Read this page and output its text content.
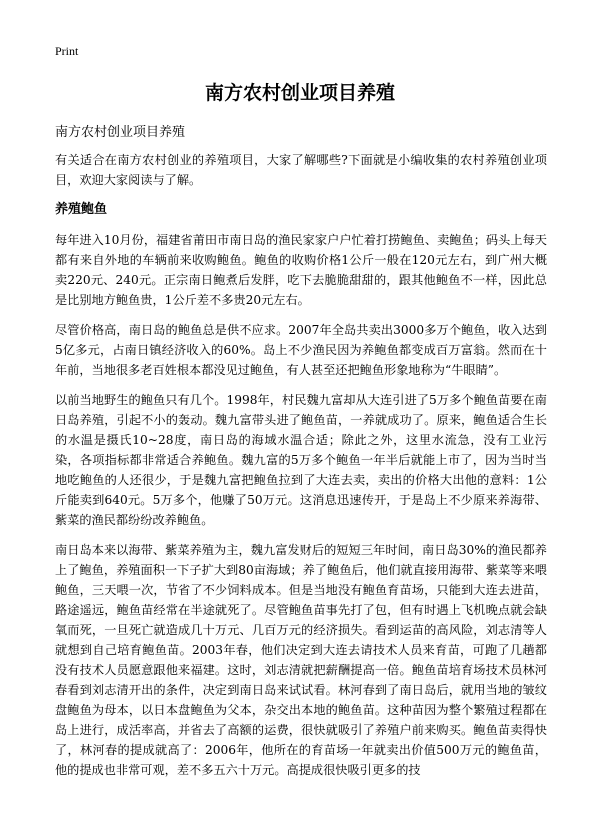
Print
南方农村创业项目养殖
南方农村创业项目养殖

有关适合在南方农村创业的养殖项目，大家了解哪些?下面就是小编收集的农村养殖创业项目，欢迎大家阅读与了解。

养殖鲍鱼

每年进入10月份，福建省莆田市南日岛的渔民家家户户忙着打捞鲍鱼、卖鲍鱼；码头上每天都有来自外地的车辆前来收购鲍鱼。鲍鱼的收购价格1公斤一般在120元左右，到广州大概卖220元、240元。正宗南日鲍煮后发胖，吃下去脆脆甜甜的，跟其他鲍鱼不一样，因此总是比别地方鲍鱼贵，1公斤差不多贵20元左右。

尽管价格高，南日岛的鲍鱼总是供不应求。2007年全岛共卖出3000多万个鲍鱼，收入达到5亿多元，占南日镇经济收入的60%。岛上不少渔民因为养鲍鱼都变成百万富翁。然而在十年前，当地很多老百姓根本都没见过鲍鱼，有人甚至还把鲍鱼形象地称为“牛眼睛”。

以前当地野生的鲍鱼只有几个。1998年，村民魏九富却从大连引进了5万多个鲍鱼苗要在南日岛养殖，引起不小的轰动。魏九富带头进了鲍鱼苗，一养就成功了。原来，鲍鱼适合生长的水温是摄氏10~28度，南日岛的海域水温合适；除此之外，这里水流急，没有工业污染，各项指标都非常适合养鲍鱼。魏九富的5万多个鲍鱼一年半后就能上市了，因为当时当地吃鲍鱼的人还很少，于是魏九富把鲍鱼拉到了大连去卖，卖出的价格大出他的意料：1公斤能卖到640元。5万多个，他赚了50万元。这消息迅速传开，于是岛上不少原来养海带、紫菜的渔民都纷纷改养鲍鱼。

南日岛本来以海带、紫菜养殖为主，魏九富发财后的短短三年时间，南日岛30%的渔民都养上了鲍鱼，养殖面积一下子扩大到80亩海域；养了鲍鱼后，他们就直接用海带、紫菜等来喂鲍鱼，三天喂一次，节省了不少饲料成本。但是当地没有鲍鱼育苗场，只能到大连去进苗，路途遥远，鲍鱼苗经常在半途就死了。尽管鲍鱼苗事先打了包，但有时遇上飞机晚点就会缺氧而死，一旦死亡就造成几十万元、几百万元的经济损失。看到运苗的高风险，刘志清等人就想到自己培育鲍鱼苗。2003年春，他们决定到大连去请技术人员来育苗，可跑了几趟都没有技术人员愿意跟他来福建。这时，刘志清就把薪酬提高一倍。鲍鱼苗培育场技术员林河春看到刘志清开出的条件，决定到南日岛来试试看。林河春到了南日岛后，就用当地的皱纹盘鲍鱼为母本，以日本盘鲍鱼为父本，杂交出本地的鲍鱼苗。这种苗因为整个繁殖过程都在岛上进行，成活率高，并省去了高额的运费，很快就吸引了养殖户前来购买。鲍鱼苗卖得快了，林河春的提成就高了：2006年，他所在的育苗场一年就卖出价值500万元的鲍鱼苗，他的提成也非常可观，差不多五六十万元。高提成很快吸引更多的技
